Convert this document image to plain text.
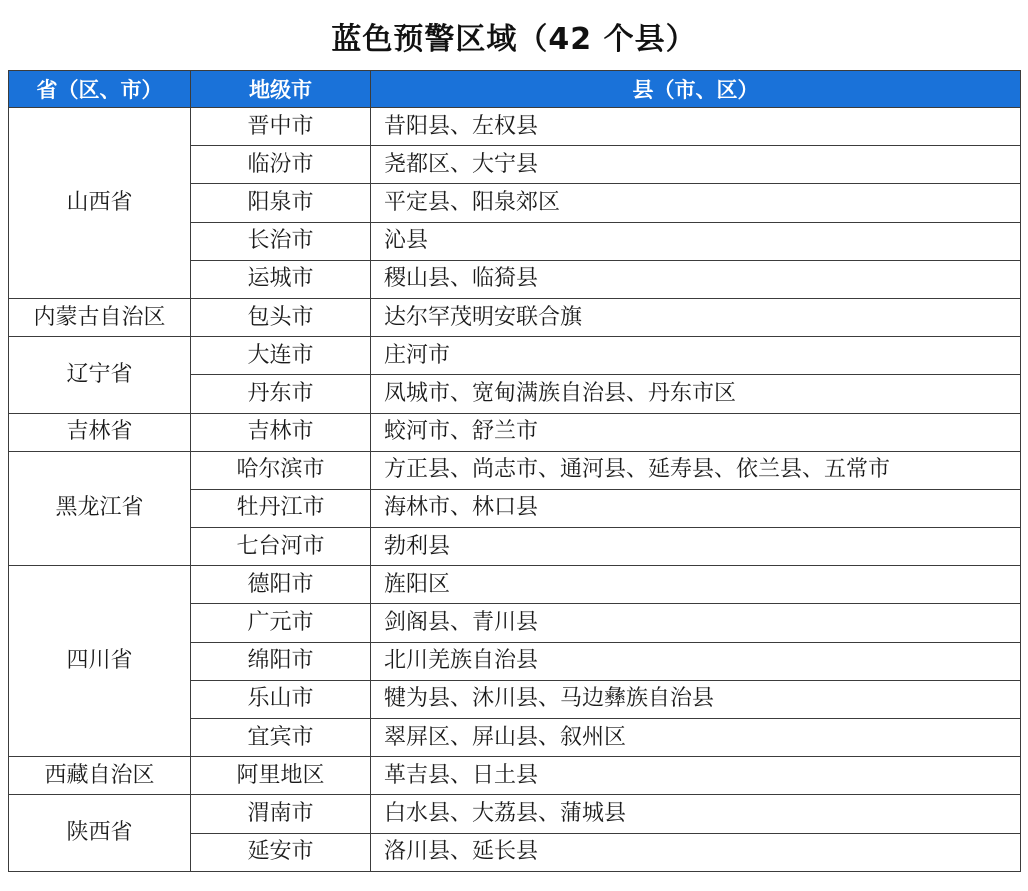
蓝色预警区域（42 个县）
省（区、市）	地级市	县（市、区）
山西省	晋中市	昔阳县、左权县
	临汾市	尧都区、大宁县
	阳泉市	平定县、阳泉郊区
	长治市	沁县
	运城市	稷山县、临猗县
内蒙古自治区	包头市	达尔罕茂明安联合旗
辽宁省	大连市	庄河市
	丹东市	凤城市、宽甸满族自治县、丹东市区
吉林省	吉林市	蛟河市、舒兰市
黑龙江省	哈尔滨市	方正县、尚志市、通河县、延寿县、依兰县、五常市
	牡丹江市	海林市、林口县
	七台河市	勃利县
四川省	德阳市	旌阳区
	广元市	剑阁县、青川县
	绵阳市	北川羌族自治县
	乐山市	犍为县、沐川县、马边彝族自治县
	宜宾市	翠屏区、屏山县、叙州区
西藏自治区	阿里地区	革吉县、日土县
陕西省	渭南市	白水县、大荔县、蒲城县
	延安市	洛川县、延长县
